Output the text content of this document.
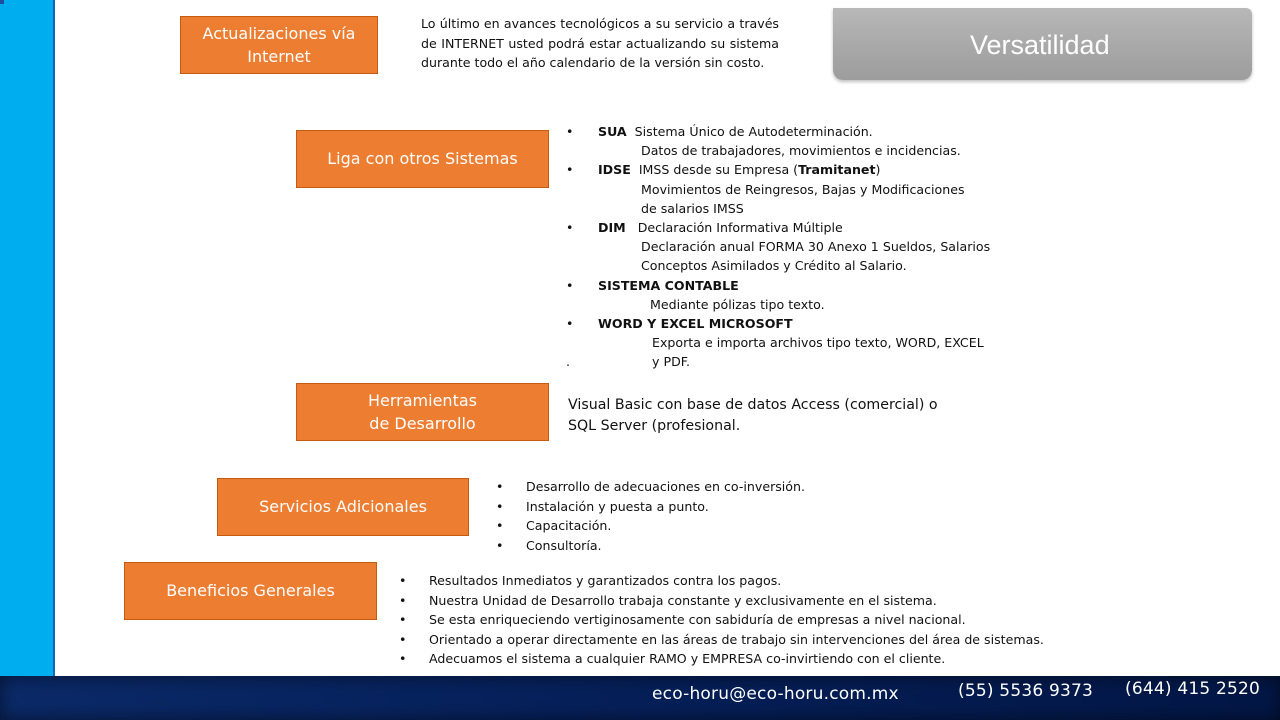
Versatilidad
Actualizaciones vía
Internet
Lo último en avances tecnológicos a su servicio a través de INTERNET usted podrá estar actualizando su sistema durante todo el año calendario de la versión sin costo.
Liga con otros Sistemas
• SUA Sistema Único de Autodeterminación.
Datos de trabajadores, movimientos e incidencias.
• IDSE IMSS desde su Empresa (Tramitanet)
Movimientos de Reingresos, Bajas y Modificaciones
de salarios IMSS
• DIM Declaración Informativa Múltiple
Declaración anual FORMA 30 Anexo 1 Sueldos, Salarios
Conceptos Asimilados y Crédito al Salario.
• SISTEMA CONTABLE
Mediante pólizas tipo texto.
• WORD Y EXCEL MICROSOFT
Exporta e importa archivos tipo texto, WORD, EXCEL
.	y PDF.
Herramientas
de Desarrollo
Visual Basic con base de datos Access (comercial) o
SQL Server (profesional.
Servicios Adicionales
• Desarrollo de adecuaciones en co-inversión.
• Instalación y puesta a punto.
• Capacitación.
• Consultoría.
Beneficios Generales
• Resultados Inmediatos y garantizados contra los pagos.
• Nuestra Unidad de Desarrollo trabaja constante y exclusivamente en el sistema.
• Se esta enriqueciendo vertiginosamente con sabiduría de empresas a nivel nacional.
• Orientado a operar directamente en las áreas de trabajo sin intervenciones del área de sistemas.
• Adecuamos el sistema a cualquier RAMO y EMPRESA co-invirtiendo con el cliente.
eco-horu@eco-horu.com.mx	(55) 5536 9373 (644) 415 2520
